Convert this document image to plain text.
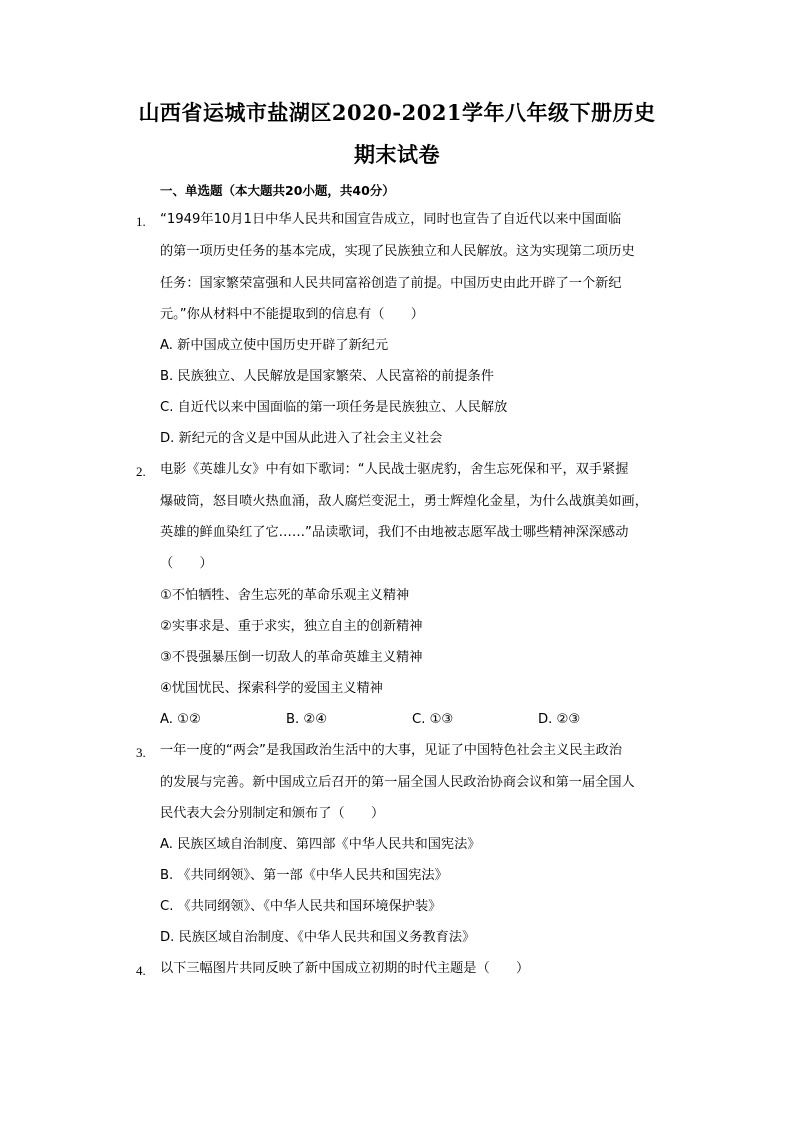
山西省运城市盐湖区2020-2021学年八年级下册历史
期末试卷
一、单选题（本大题共20小题，共40分）
1.	“1949年10月1日中华人民共和国宣告成立，同时也宣告了自近代以来中国面临
的第一项历史任务的基本完成，实现了民族独立和人民解放。这为实现第二项历史
任务：国家繁荣富强和人民共同富裕创造了前提。中国历史由此开辟了一个新纪
元。”你从材料中不能提取到的信息有（　　）
A. 新中国成立使中国历史开辟了新纪元
B. 民族独立、人民解放是国家繁荣、人民富裕的前提条件
C. 自近代以来中国面临的第一项任务是民族独立、人民解放
D. 新纪元的含义是中国从此进入了社会主义社会
2.	电影《英雄儿女》中有如下歌词：“人民战士驱虎豹，舍生忘死保和平，双手紧握
爆破筒，怒目喷火热血涌，敌人腐烂变泥土，勇士辉煌化金星，为什么战旗美如画，
英雄的鲜血染红了它……”品读歌词，我们不由地被志愿军战士哪些精神深深感动
（　　）
①不怕牺牲、舍生忘死的革命乐观主义精神
②实事求是、重于求实，独立自主的创新精神
③不畏强暴压倒一切敌人的革命英雄主义精神
④忧国忧民、探索科学的爱国主义精神
A. ①②	B. ②④	C. ①③	D. ②③
3.	一年一度的“两会”是我国政治生活中的大事，见证了中国特色社会主义民主政治
的发展与完善。新中国成立后召开的第一届全国人民政治协商会议和第一届全国人
民代表大会分别制定和颁布了（　　）
A. 民族区域自治制度、第四部《中华人民共和国宪法》
B. 《共同纲领》、第一部《中华人民共和国宪法》
C. 《共同纲领》、《中华人民共和国环境保护装》
D. 民族区域自治制度、《中华人民共和国义务教育法》
4.	以下三幅图片共同反映了新中国成立初期的时代主题是（　　）
